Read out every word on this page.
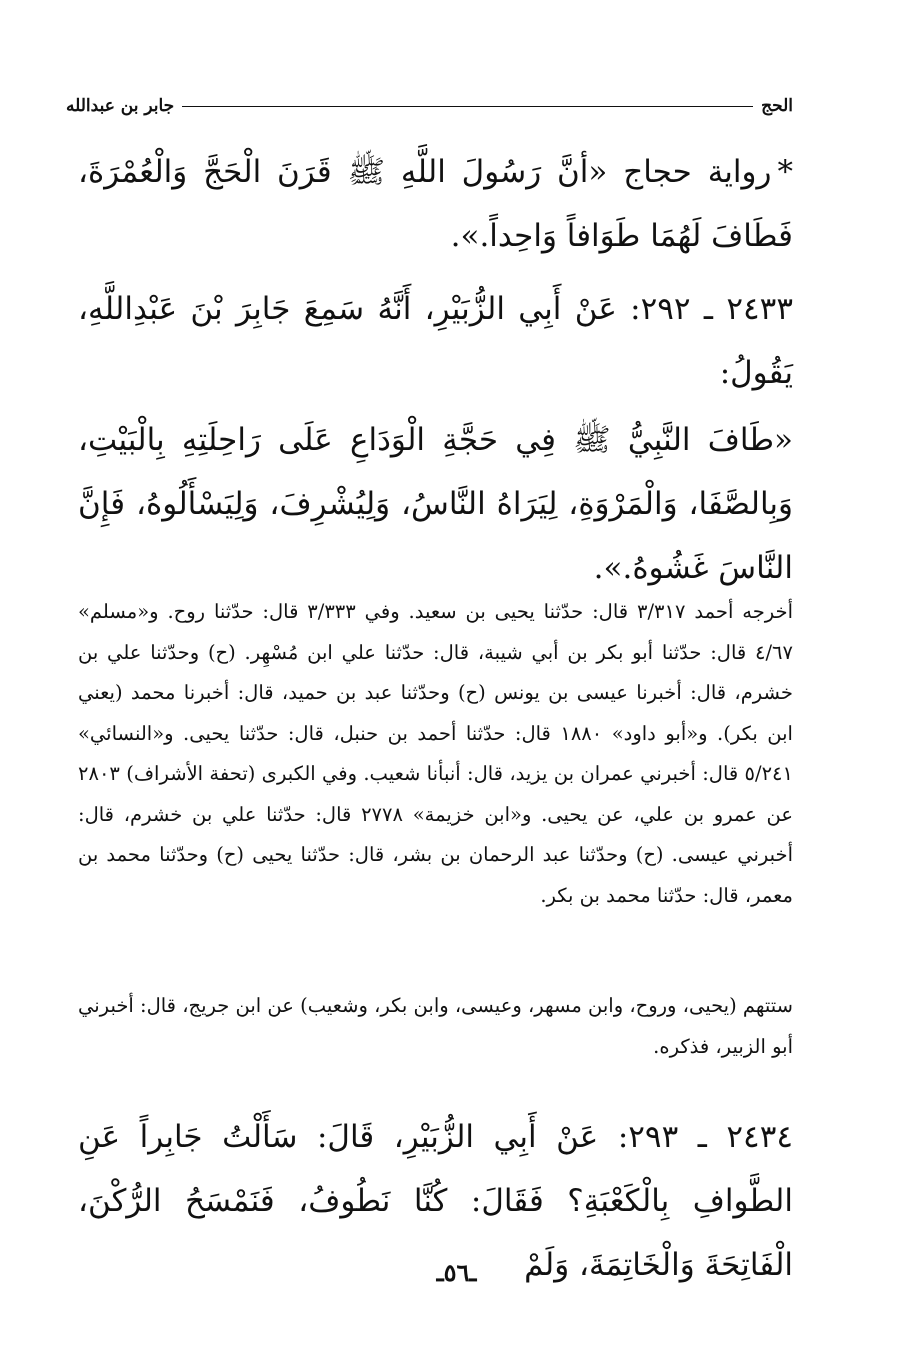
الحج
جابر بن عبدالله
*رواية حجاج «أنَّ رَسُولَ اللَّهِ ﷺ قَرَنَ الْحَجَّ وَالْعُمْرَةَ، فَطَافَ لَهُمَا طَوَافاً وَاحِداً.».
٢٤٣٣ ـ ٢٩٢: عَنْ أَبِي الزُّبَيْرِ، أَنَّهُ سَمِعَ جَابِرَ بْنَ عَبْدِاللَّهِ، يَقُولُ:
«طَافَ النَّبِيُّ ﷺ فِي حَجَّةِ الْوَدَاعِ عَلَى رَاحِلَتِهِ بِالْبَيْتِ، وَبِالصَّفَا، وَالْمَرْوَةِ، لِيَرَاهُ النَّاسُ، وَلِيُشْرِفَ، وَلِيَسْأَلُوهُ، فَإِنَّ النَّاسَ غَشُوهُ.».
أخرجه أحمد ٣/٣١٧ قال: حدّثنا يحيى بن سعيد. وفي ٣/٣٣٣ قال: حدّثنا روح. و«مسلم» ٤/٦٧ قال: حدّثنا أبو بكر بن أبي شيبة، قال: حدّثنا علي ابن مُسْهِر. (ح) وحدّثنا علي بن خشرم، قال: أخبرنا عيسى بن يونس (ح) وحدّثنا عبد بن حميد، قال: أخبرنا محمد (يعني ابن بكر). و«أبو داود» ١٨٨٠ قال: حدّثنا أحمد بن حنبل، قال: حدّثنا يحيى. و«النسائي» ٥/٢٤١ قال: أخبرني عمران بن يزيد، قال: أنبأنا شعيب. وفي الكبرى (تحفة الأشراف) ٢٨٠٣ عن عمرو بن علي، عن يحيى. و«ابن خزيمة» ٢٧٧٨ قال: حدّثنا علي بن خشرم، قال: أخبرني عيسى. (ح) وحدّثنا عبد الرحمان بن بشر، قال: حدّثنا يحيى (ح) وحدّثنا محمد بن معمر، قال: حدّثنا محمد بن بكر.
ستتهم (يحيى، وروح، وابن مسهر، وعيسى، وابن بكر، وشعيب) عن ابن جريج، قال: أخبرني أبو الزبير، فذكره.
٢٤٣٤ ـ ٢٩٣: عَنْ أَبِي الزُّبَيْرِ، قَالَ: سَأَلْتُ جَابِراً عَنِ الطَّوافِ بِالْكَعْبَةِ؟ فَقَالَ: كُنَّا نَطُوفُ، فَنَمْسَحُ الرُّكْنَ، الْفَاتِحَةَ وَالْخَاتِمَةَ، وَلَمْ
ـ٥٦ـ
